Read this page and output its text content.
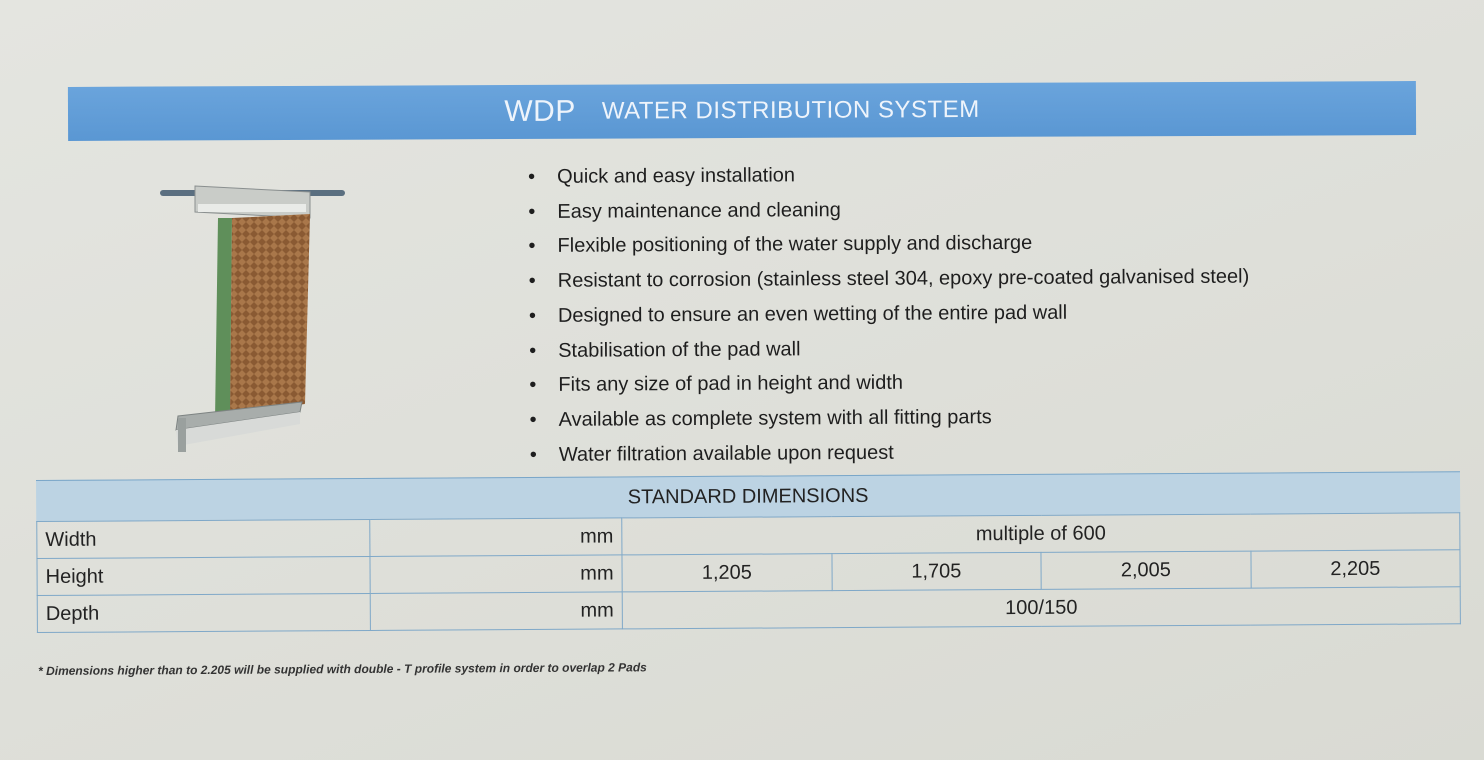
WDP WATER DISTRIBUTION SYSTEM
• Quick and easy installation
• Easy maintenance and cleaning
• Flexible positioning of the water supply and discharge
• Resistant to corrosion (stainless steel 304, epoxy pre-coated galvanised steel)
• Designed to ensure an even wetting of the entire pad wall
• Stabilisation of the pad wall
• Fits any size of pad in height and width
• Available as complete system with all fitting parts
• Water filtration available upon request
STANDARD DIMENSIONS
Width	mm	multiple of 600			
Height	mm	1,205	1,705	2,005	2,205
Depth	mm	100/150			
* Dimensions higher than to 2.205 will be supplied with double - T profile system in order to overlap 2 Pads
